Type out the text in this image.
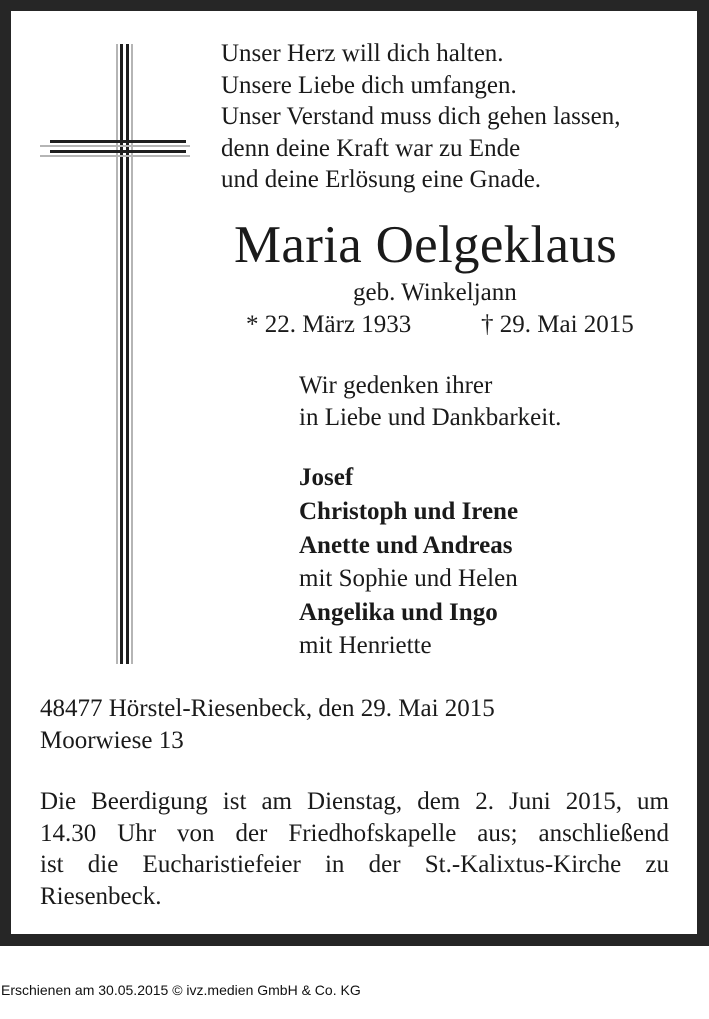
Unser Herz will dich halten.
Unsere Liebe dich umfangen.
Unser Verstand muss dich gehen lassen,
denn deine Kraft war zu Ende
und deine Erlösung eine Gnade.
Maria Oelgeklaus
geb. Winkeljann
* 22. März 1933	† 29. Mai 2015
Wir gedenken ihrer
in Liebe und Dankbarkeit.
Josef
Christoph und Irene
Anette und Andreas
mit Sophie und Helen
Angelika und Ingo
mit Henriette
48477 Hörstel-Riesenbeck, den 29. Mai 2015
Moorwiese 13
Die Beerdigung ist am Dienstag, dem 2. Juni 2015, um
14.30 Uhr von der Friedhofskapelle aus; anschließend
ist die Eucharistiefeier in der St.-Kalixtus-Kirche zu
Riesenbeck.
Erschienen am 30.05.2015 © ivz.medien GmbH & Co. KG
